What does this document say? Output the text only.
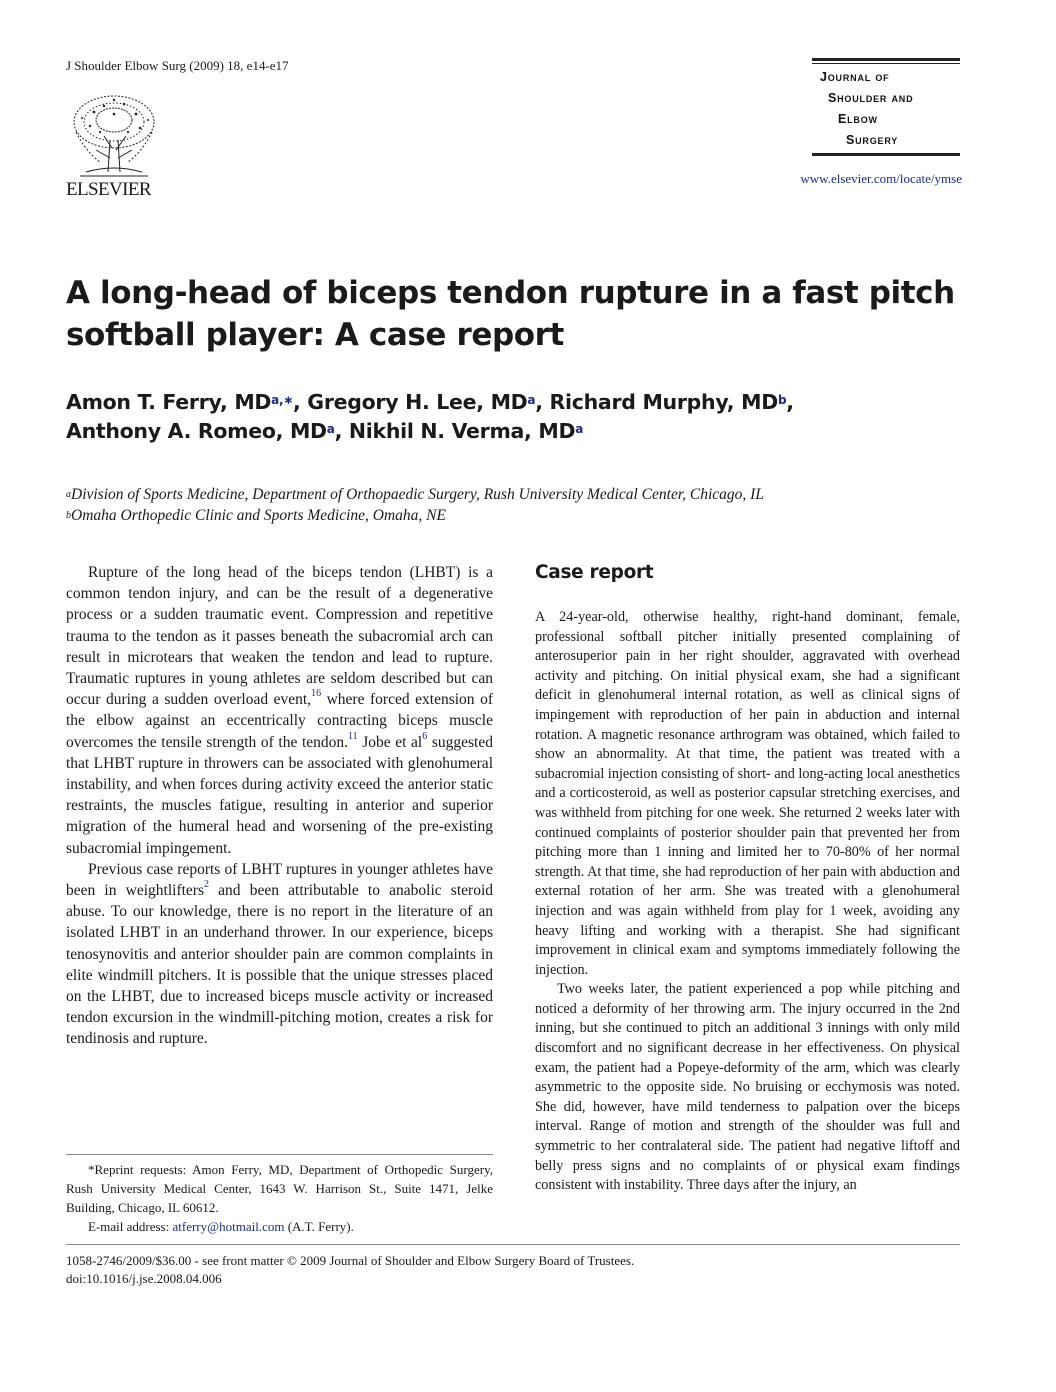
J Shoulder Elbow Surg (2009) 18, e14-e17
ELSEVIER
Journal of
Shoulder and
Elbow
Surgery
www.elsevier.com/locate/ymse
A long-head of biceps tendon rupture in a fast pitch softball player: A case report
Amon T. Ferry, $MD^{a,∗}$, Gregory H. Lee, $MD^a$, Richard Murphy, $MD^b$,
Anthony A. Romeo, $MD^a$, Nikhil N. Verma, $MD^a$
$^a$Division of Sports Medicine, Department of Orthopaedic Surgery, Rush University Medical Center, Chicago, IL
$^b$Omaha Orthopedic Clinic and Sports Medicine, Omaha, NE

Rupture of the long head of the biceps tendon (LHBT) is a common tendon injury, and can be the result of a degenerative process or a sudden traumatic event. Compression and repetitive trauma to the tendon as it passes beneath the subacromial arch can result in microtears that weaken the tendon and lead to rupture. Traumatic ruptures in young athletes are seldom described but can occur during a sudden overload event,$^{16}$ where forced extension of the elbow against an eccentrically contracting biceps muscle overcomes the tensile strength of the tendon.$^{11}$ Jobe et $al^6$ suggested that LHBT rupture in throwers can be associated with glenohumeral instability, and when forces during activity exceed the anterior static restraints, the muscles fatigue, resulting in anterior and superior migration of the humeral head and worsening of the pre-existing subacromial impingement.

Previous case reports of LBHT ruptures in younger athletes have been in weightlifters$^2$ and been attributable to anabolic steroid abuse. To our knowledge, there is no report in the literature of an isolated LHBT in an underhand thrower. In our experience, biceps tenosynovitis and anterior shoulder pain are common complaints in elite windmill pitchers. It is possible that the unique stresses placed on the LHBT, due to increased biceps muscle activity or increased tendon excursion in the windmill-pitching motion, creates a risk for tendinosis and rupture.

*Reprint requests: Amon Ferry, MD, Department of Orthopedic Surgery, Rush University Medical Center, 1643 W. Harrison St., Suite 1471, Jelke Building, Chicago, IL 60612.

E-mail address: atferry@hotmail.com (A.T. Ferry).

Case report

A 24-year-old, otherwise healthy, right-hand dominant, female, professional softball pitcher initially presented complaining of anterosuperior pain in her right shoulder, aggravated with overhead activity and pitching. On initial physical exam, she had a significant deficit in glenohumeral internal rotation, as well as clinical signs of impingement with reproduction of her pain in abduction and internal rotation. A magnetic resonance arthrogram was obtained, which failed to show an abnormality. At that time, the patient was treated with a subacromial injection consisting of short- and long-acting local anesthetics and a corticosteroid, as well as posterior capsular stretching exercises, and was withheld from pitching for one week. She returned 2 weeks later with continued complaints of posterior shoulder pain that prevented her from pitching more than 1 inning and limited her to 70-80% of her normal strength. At that time, she had reproduction of her pain with abduction and external rotation of her arm. She was treated with a glenohumeral injection and was again withheld from play for 1 week, avoiding any heavy lifting and working with a therapist. She had significant improvement in clinical exam and symptoms immediately following the injection.

Two weeks later, the patient experienced a pop while pitching and noticed a deformity of her throwing arm. The injury occurred in the 2nd inning, but she continued to pitch an additional 3 innings with only mild discomfort and no significant decrease in her effectiveness. On physical exam, the patient had a Popeye-deformity of the arm, which was clearly asymmetric to the opposite side. No bruising or ecchymosis was noted. She did, however, have mild tenderness to palpation over the biceps interval. Range of motion and strength of the shoulder was full and symmetric to her contralateral side. The patient had negative liftoff and belly press signs and no complaints of or physical exam findings consistent with instability. Three days after the injury, an

1058-2746/2009/$36.00 - see front matter © 2009 Journal of Shoulder and Elbow Surgery Board of Trustees.
doi:10.1016/j.jse.2008.04.006
